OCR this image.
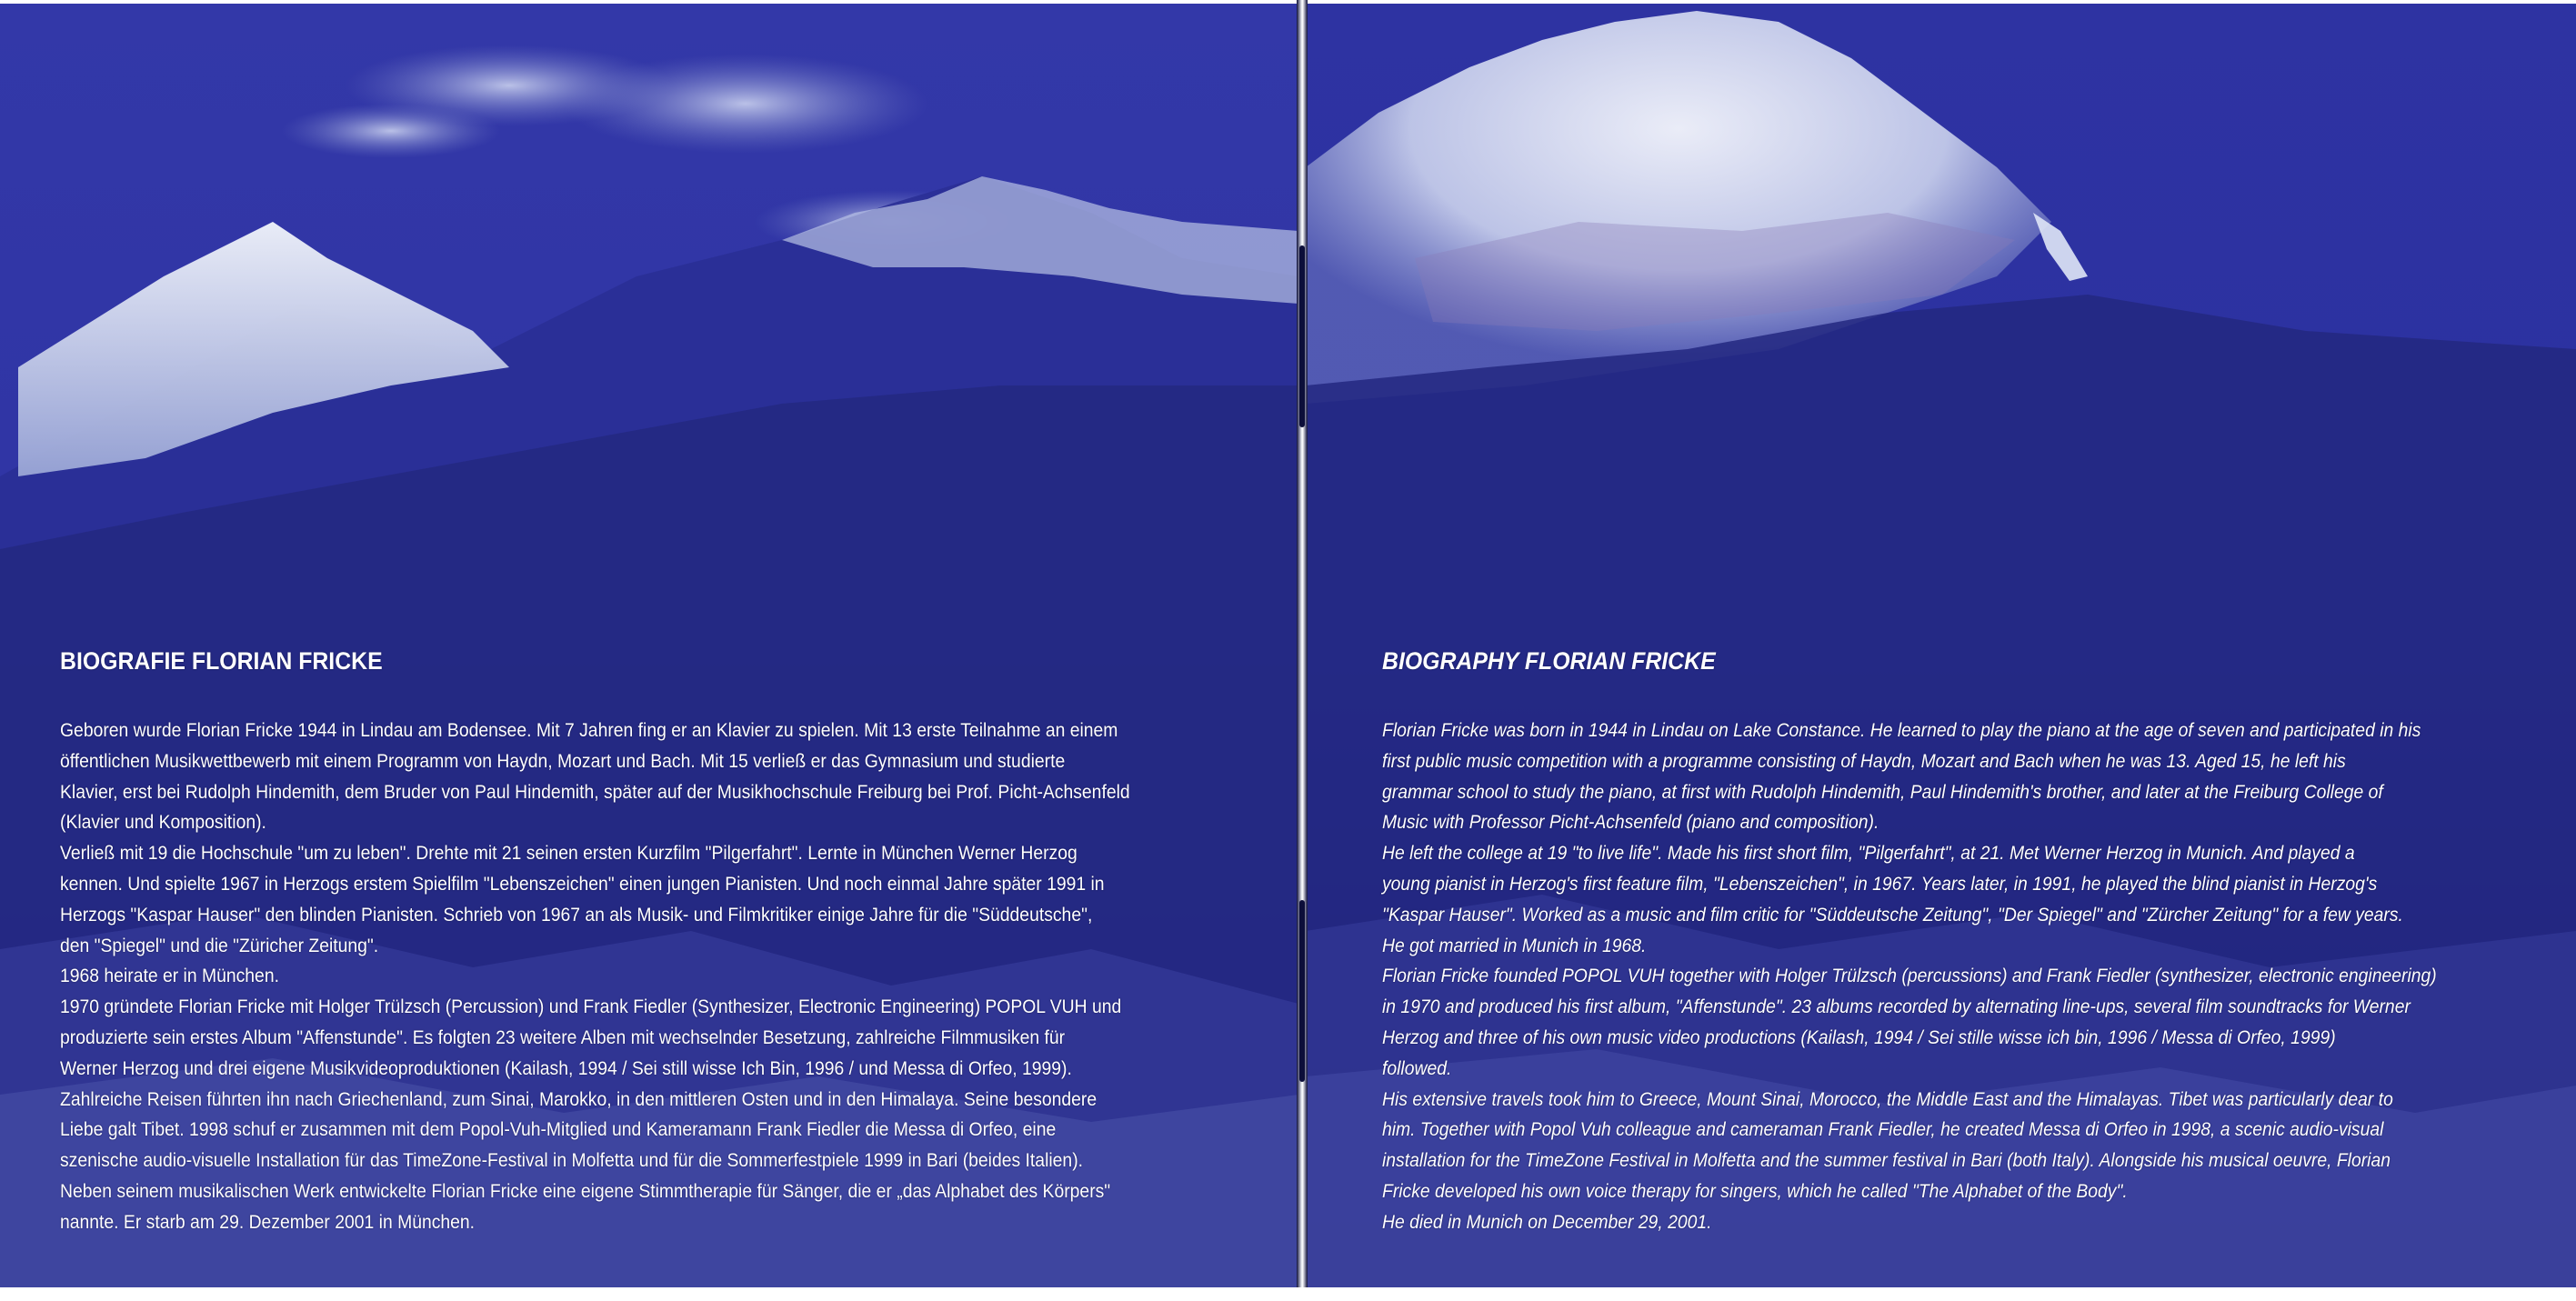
BIOGRAFIE FLORIAN FRICKE
Geboren wurde Florian Fricke 1944 in Lindau am Bodensee. Mit 7 Jahren fing er an Klavier zu spielen. Mit 13 erste Teilnahme an einem
öffentlichen Musikwettbewerb mit einem Programm von Haydn, Mozart und Bach. Mit 15 verließ er das Gymnasium und studierte
Klavier, erst bei Rudolph Hindemith, dem Bruder von Paul Hindemith, später auf der Musikhochschule Freiburg bei Prof. Picht-Achsenfeld
(Klavier und Komposition).
Verließ mit 19 die Hochschule "um zu leben". Drehte mit 21 seinen ersten Kurzfilm "Pilgerfahrt". Lernte in München Werner Herzog
kennen. Und spielte 1967 in Herzogs erstem Spielfilm "Lebenszeichen" einen jungen Pianisten. Und noch einmal Jahre später 1991 in
Herzogs "Kaspar Hauser" den blinden Pianisten. Schrieb von 1967 an als Musik- und Filmkritiker einige Jahre für die "Süddeutsche",
den "Spiegel" und die "Züricher Zeitung".
1968 heirate er in München.
1970 gründete Florian Fricke mit Holger Trülzsch (Percussion) und Frank Fiedler (Synthesizer, Electronic Engineering) POPOL VUH und
produzierte sein erstes Album "Affenstunde". Es folgten 23 weitere Alben mit wechselnder Besetzung, zahlreiche Filmmusiken für
Werner Herzog und drei eigene Musikvideoproduktionen (Kailash, 1994 / Sei still wisse Ich Bin, 1996 / und Messa di Orfeo, 1999).
Zahlreiche Reisen führten ihn nach Griechenland, zum Sinai, Marokko, in den mittleren Osten und in den Himalaya. Seine besondere
Liebe galt Tibet. 1998 schuf er zusammen mit dem Popol-Vuh-Mitglied und Kameramann Frank Fiedler die Messa di Orfeo, eine
szenische audio-visuelle Installation für das TimeZone-Festival in Molfetta und für die Sommerfestpiele 1999 in Bari (beides Italien).
Neben seinem musikalischen Werk entwickelte Florian Fricke eine eigene Stimmtherapie für Sänger, die er „das Alphabet des Körpers"
nannte. Er starb am 29. Dezember 2001 in München.
BIOGRAPHY FLORIAN FRICKE
Florian Fricke was born in 1944 in Lindau on Lake Constance. He learned to play the piano at the age of seven and participated in his
first public music competition with a programme consisting of Haydn, Mozart and Bach when he was 13. Aged 15, he left his
grammar school to study the piano, at first with Rudolph Hindemith, Paul Hindemith's brother, and later at the Freiburg College of
Music with Professor Picht-Achsenfeld (piano and composition).
He left the college at 19 "to live life". Made his first short film, "Pilgerfahrt", at 21. Met Werner Herzog in Munich. And played a
young pianist in Herzog's first feature film, "Lebenszeichen", in 1967. Years later, in 1991, he played the blind pianist in Herzog's
"Kaspar Hauser". Worked as a music and film critic for "Süddeutsche Zeitung", "Der Spiegel" and "Zürcher Zeitung" for a few years.
He got married in Munich in 1968.
Florian Fricke founded POPOL VUH together with Holger Trülzsch (percussions) and Frank Fiedler (synthesizer, electronic engineering)
in 1970 and produced his first album, "Affenstunde". 23 albums recorded by alternating line-ups, several film soundtracks for Werner
Herzog and three of his own music video productions (Kailash, 1994 / Sei stille wisse ich bin, 1996 / Messa di Orfeo, 1999)
followed.
His extensive travels took him to Greece, Mount Sinai, Morocco, the Middle East and the Himalayas. Tibet was particularly dear to
him. Together with Popol Vuh colleague and cameraman Frank Fiedler, he created Messa di Orfeo in 1998, a scenic audio-visual
installation for the TimeZone Festival in Molfetta and the summer festival in Bari (both Italy). Alongside his musical oeuvre, Florian
Fricke developed his own voice therapy for singers, which he called "The Alphabet of the Body".
He died in Munich on December 29, 2001.
